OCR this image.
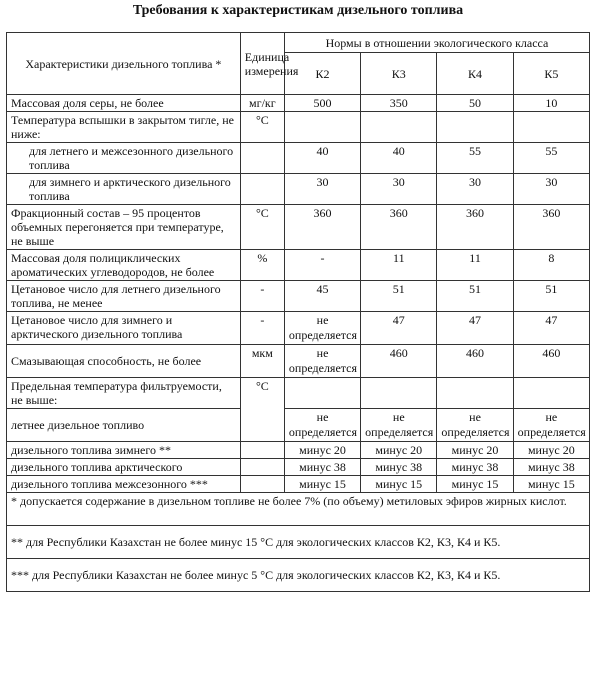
Требования к характеристикам дизельного топлива
Характеристики дизельного топлива *	Единица измерения	Нормы в отношении экологического класса			
		К2	К3	К4	К5
Массовая доля серы, не более	мг/кг	500	350	50	10
Температура вспышки в закрытом тигле, не ниже:	°С				
для летнего и межсезонного дизельного топлива		40	40	55	55
для зимнего и арктического дизельного топлива		30	30	30	30
Фракционный состав – 95 процентов объемных перегоняется при температуре, не выше	°С	360	360	360	360
Массовая доля полициклических ароматических углеводородов, не более	%	-	11	11	8
Цетановое число для летнего дизельного топлива, не менее	-	45	51	51	51
Цетановое число для зимнего и арктического дизельного топлива	-	не определяется	47	47	47
Смазывающая способность, не более	мкм	не определяется	460	460	460
Предельная температура фильтруемости, не выше:	°С				
летнее дизельное топливо		не определяется	не определяется	не определяется	не определяется
дизельного топлива зимнего **		минус 20	минус 20	минус 20	минус 20
дизельного топлива арктического		минус 38	минус 38	минус 38	минус 38
дизельного топлива межсезонного ***		минус 15	минус 15	минус 15	минус 15
* допускается содержание в дизельном топливе не более 7% (по объему) метиловых эфиров жирных кислот.					
** для Республики Казахстан не более минус 15 °С для экологических классов К2, К3, К4 и К5.					
*** для Республики Казахстан не более минус 5 °С для экологических классов К2, К3, К4 и К5.					
